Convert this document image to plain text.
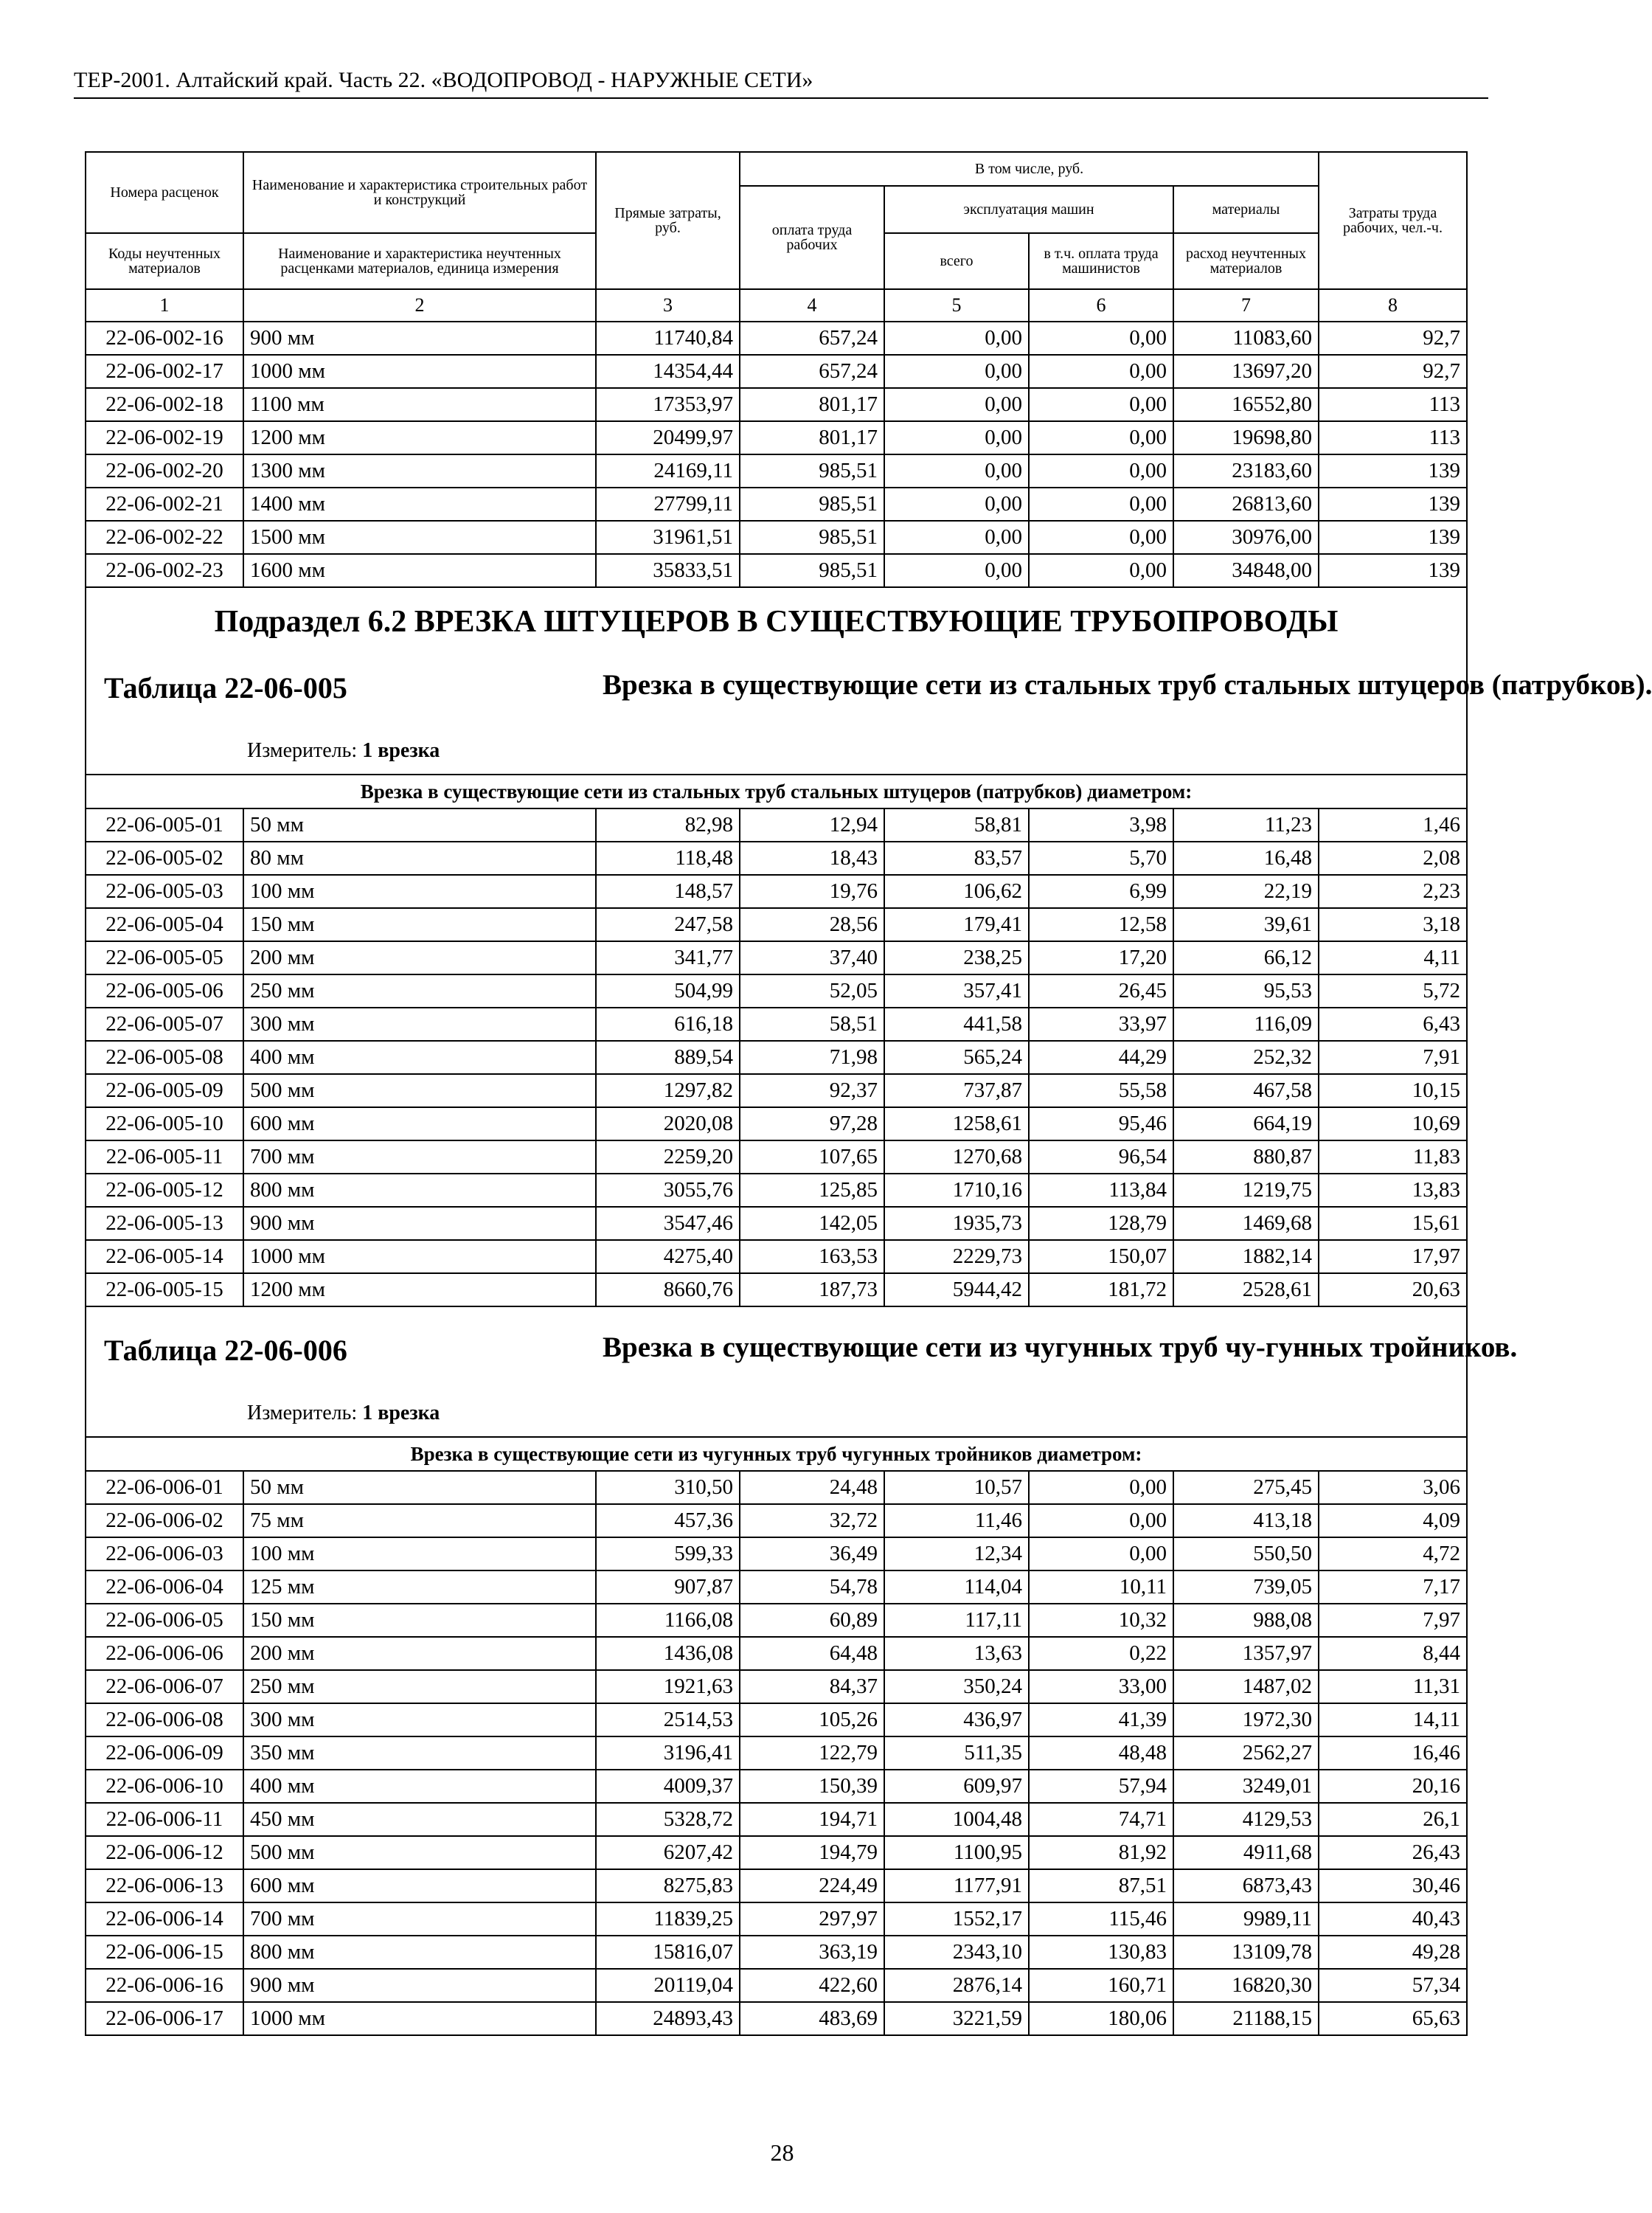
ТЕР-2001. Алтайский край. Часть 22. «ВОДОПРОВОД - НАРУЖНЫЕ СЕТИ»
Номера расценок	Наименование и характеристика строительных работ и конструкций	Прямые затраты, руб.	В том числе, руб.				Затраты труда рабочих, чел.-ч.
			оплата труда рабочих	эксплуатация машин		материалы	
Коды неучтенных материалов	Наименование и характеристика неучтенных расценками материалов, единица измерения			всего	в т.ч. оплата труда машинистов	расход неучтенных материалов	
1	2	3	4	5	6	7	8
22-06-002-16	900 мм	11740,84	657,24	0,00	0,00	11083,60	92,7
22-06-002-17	1000 мм	14354,44	657,24	0,00	0,00	13697,20	92,7
22-06-002-18	1100 мм	17353,97	801,17	0,00	0,00	16552,80	113
22-06-002-19	1200 мм	20499,97	801,17	0,00	0,00	19698,80	113
22-06-002-20	1300 мм	24169,11	985,51	0,00	0,00	23183,60	139
22-06-002-21	1400 мм	27799,11	985,51	0,00	0,00	26813,60	139
22-06-002-22	1500 мм	31961,51	985,51	0,00	0,00	30976,00	139
22-06-002-23	1600 мм	35833,51	985,51	0,00	0,00	34848,00	139

Подраздел 6.2 ВРЕЗКА ШТУЦЕРОВ В СУЩЕСТВУЮЩИЕ ТРУБОПРОВОДЫ
Таблица 22-06-005 Врезка в существующие сети из стальных труб стальных штуцеров (патрубков).
Измеритель: 1 врезка							

Врезка в существующие сети из стальных труб стальных штуцеров (патрубков) диаметром:							
22-06-005-01	50 мм	82,98	12,94	58,81	3,98	11,23	1,46
22-06-005-02	80 мм	118,48	18,43	83,57	5,70	16,48	2,08
22-06-005-03	100 мм	148,57	19,76	106,62	6,99	22,19	2,23
22-06-005-04	150 мм	247,58	28,56	179,41	12,58	39,61	3,18
22-06-005-05	200 мм	341,77	37,40	238,25	17,20	66,12	4,11
22-06-005-06	250 мм	504,99	52,05	357,41	26,45	95,53	5,72
22-06-005-07	300 мм	616,18	58,51	441,58	33,97	116,09	6,43
22-06-005-08	400 мм	889,54	71,98	565,24	44,29	252,32	7,91
22-06-005-09	500 мм	1297,82	92,37	737,87	55,58	467,58	10,15
22-06-005-10	600 мм	2020,08	97,28	1258,61	95,46	664,19	10,69
22-06-005-11	700 мм	2259,20	107,65	1270,68	96,54	880,87	11,83
22-06-005-12	800 мм	3055,76	125,85	1710,16	113,84	1219,75	13,83
22-06-005-13	900 мм	3547,46	142,05	1935,73	128,79	1469,68	15,61
22-06-005-14	1000 мм	4275,40	163,53	2229,73	150,07	1882,14	17,97
22-06-005-15	1200 мм	8660,76	187,73	5944,42	181,72	2528,61	20,63

Таблица 22-06-006 Врезка в существующие сети из чугунных труб чу-гунных тройников.
Измеритель: 1 врезка							

Врезка в существующие сети из чугунных труб чугунных тройников диаметром:							
22-06-006-01	50 мм	310,50	24,48	10,57	0,00	275,45	3,06
22-06-006-02	75 мм	457,36	32,72	11,46	0,00	413,18	4,09
22-06-006-03	100 мм	599,33	36,49	12,34	0,00	550,50	4,72
22-06-006-04	125 мм	907,87	54,78	114,04	10,11	739,05	7,17
22-06-006-05	150 мм	1166,08	60,89	117,11	10,32	988,08	7,97
22-06-006-06	200 мм	1436,08	64,48	13,63	0,22	1357,97	8,44
22-06-006-07	250 мм	1921,63	84,37	350,24	33,00	1487,02	11,31
22-06-006-08	300 мм	2514,53	105,26	436,97	41,39	1972,30	14,11
22-06-006-09	350 мм	3196,41	122,79	511,35	48,48	2562,27	16,46
22-06-006-10	400 мм	4009,37	150,39	609,97	57,94	3249,01	20,16
22-06-006-11	450 мм	5328,72	194,71	1004,48	74,71	4129,53	26,1
22-06-006-12	500 мм	6207,42	194,79	1100,95	81,92	4911,68	26,43
22-06-006-13	600 мм	8275,83	224,49	1177,91	87,51	6873,43	30,46
22-06-006-14	700 мм	11839,25	297,97	1552,17	115,46	9989,11	40,43
22-06-006-15	800 мм	15816,07	363,19	2343,10	130,83	13109,78	49,28
22-06-006-16	900 мм	20119,04	422,60	2876,14	160,71	16820,30	57,34
22-06-006-17	1000 мм	24893,43	483,69	3221,59	180,06	21188,15	65,63
28
